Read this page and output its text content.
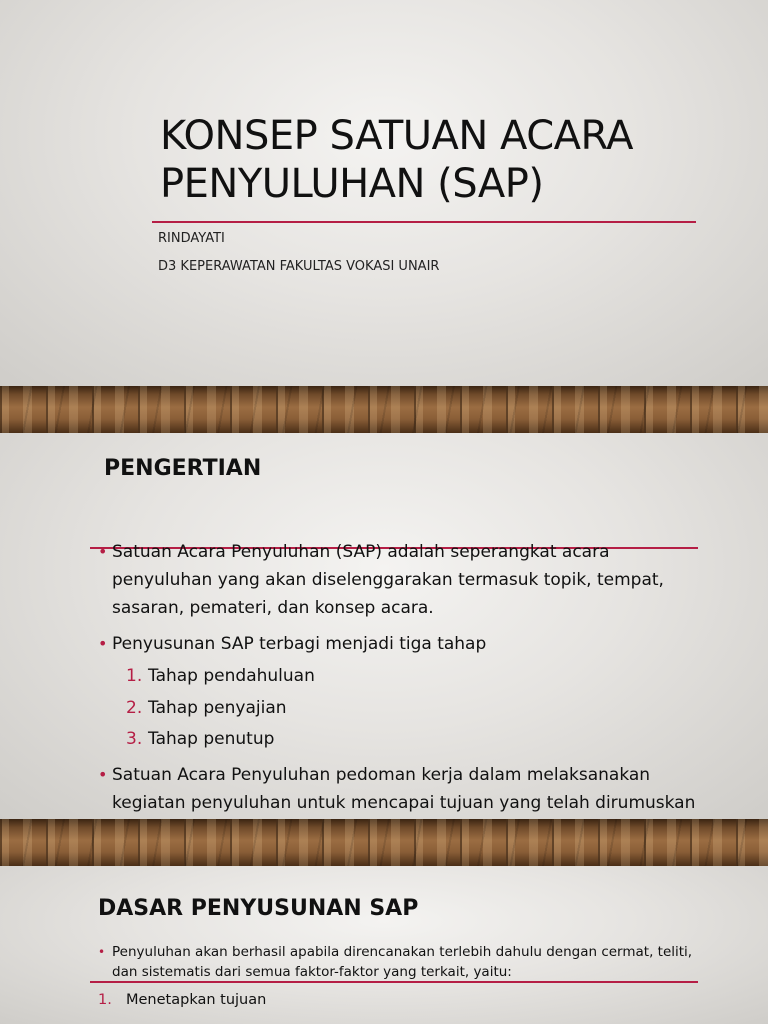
KONSEP SATUAN ACARA
PENYULUHAN (SAP)

RINDAYATI

D3 KEPERAWATAN FAKULTAS VOKASI UNAIR

PENGERTIAN

• Satuan Acara Penyuluhan (SAP) adalah seperangkat acara penyuluhan yang akan diselenggarakan termasuk topik, tempat, sasaran, pemateri, dan konsep acara.

• Penyusunan SAP terbagi menjadi tiga tahap

1. Tahap pendahuluan

2. Tahap penyajian

3. Tahap penutup

• Satuan Acara Penyuluhan pedoman kerja dalam melaksanakan kegiatan penyuluhan untuk mencapai tujuan yang telah dirumuskan

DASAR PENYUSUNAN SAP

• Penyuluhan akan berhasil apabila direncanakan terlebih dahulu dengan cermat, teliti, dan sistematis dari semua faktor-faktor yang terkait, yaitu:

1. Menetapkan tujuan
